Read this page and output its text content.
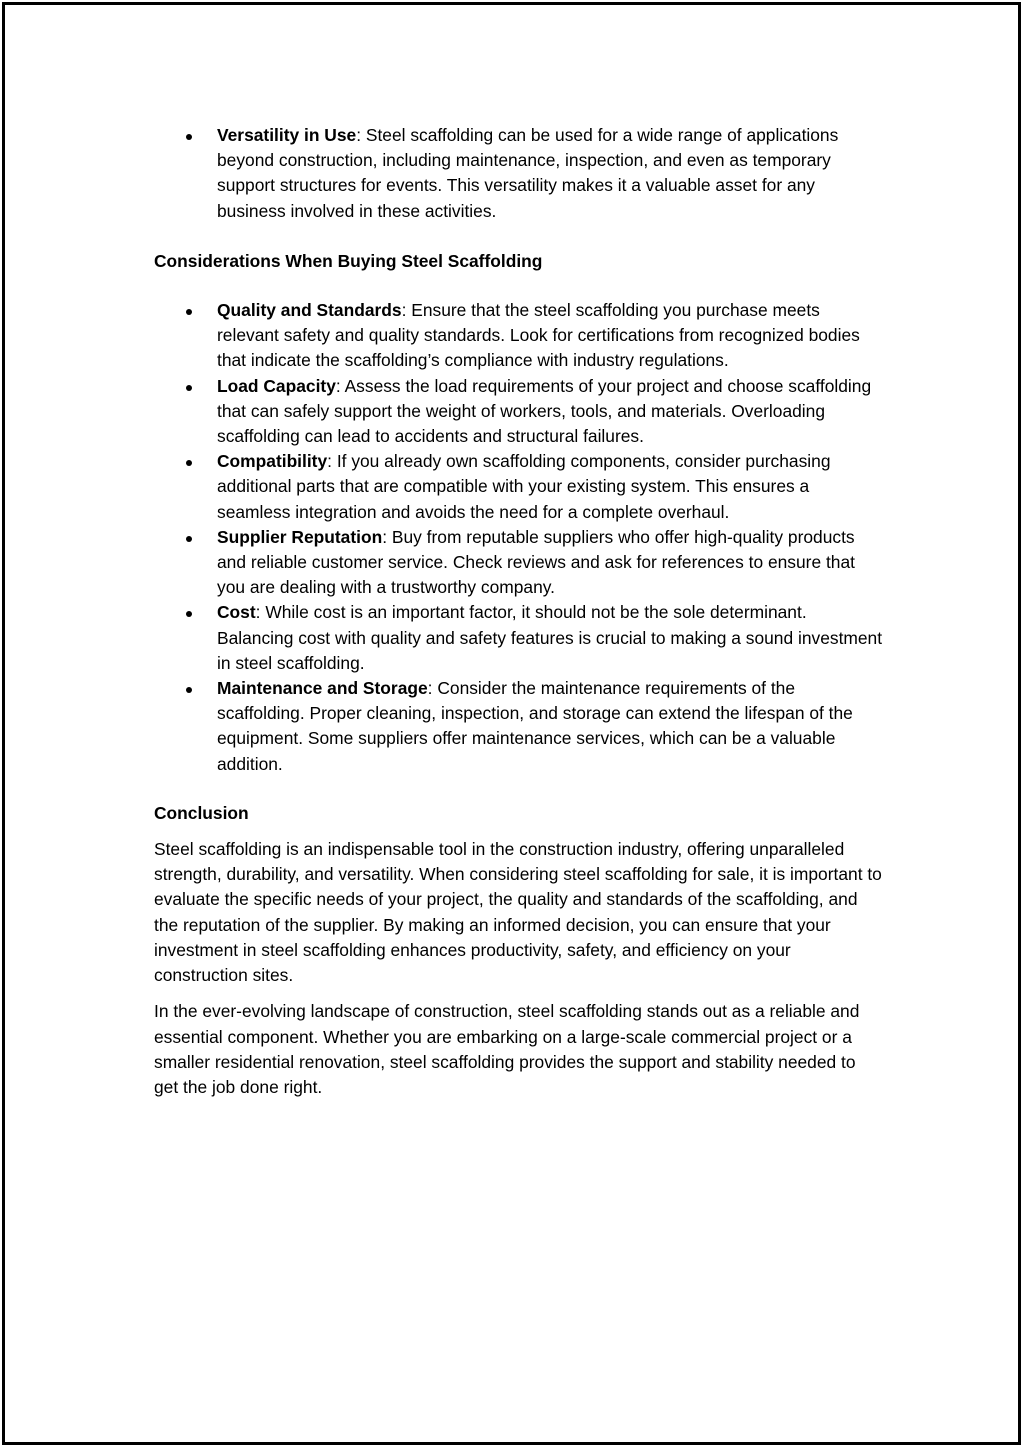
Versatility in Use: Steel scaffolding can be used for a wide range of applications beyond construction, including maintenance, inspection, and even as temporary support structures for events. This versatility makes it a valuable asset for any business involved in these activities.
Considerations When Buying Steel Scaffolding
Quality and Standards: Ensure that the steel scaffolding you purchase meets relevant safety and quality standards. Look for certifications from recognized bodies that indicate the scaffolding’s compliance with industry regulations.
Load Capacity: Assess the load requirements of your project and choose scaffolding that can safely support the weight of workers, tools, and materials. Overloading scaffolding can lead to accidents and structural failures.
Compatibility: If you already own scaffolding components, consider purchasing additional parts that are compatible with your existing system. This ensures a seamless integration and avoids the need for a complete overhaul.
Supplier Reputation: Buy from reputable suppliers who offer high-quality products and reliable customer service. Check reviews and ask for references to ensure that you are dealing with a trustworthy company.
Cost: While cost is an important factor, it should not be the sole determinant. Balancing cost with quality and safety features is crucial to making a sound investment in steel scaffolding.
Maintenance and Storage: Consider the maintenance requirements of the scaffolding. Proper cleaning, inspection, and storage can extend the lifespan of the equipment. Some suppliers offer maintenance services, which can be a valuable addition.
Conclusion

Steel scaffolding is an indispensable tool in the construction industry, offering unparalleled strength, durability, and versatility. When considering steel scaffolding for sale, it is important to evaluate the specific needs of your project, the quality and standards of the scaffolding, and the reputation of the supplier. By making an informed decision, you can ensure that your investment in steel scaffolding enhances productivity, safety, and efficiency on your construction sites.

In the ever-evolving landscape of construction, steel scaffolding stands out as a reliable and essential component. Whether you are embarking on a large-scale commercial project or a smaller residential renovation, steel scaffolding provides the support and stability needed to get the job done right.
